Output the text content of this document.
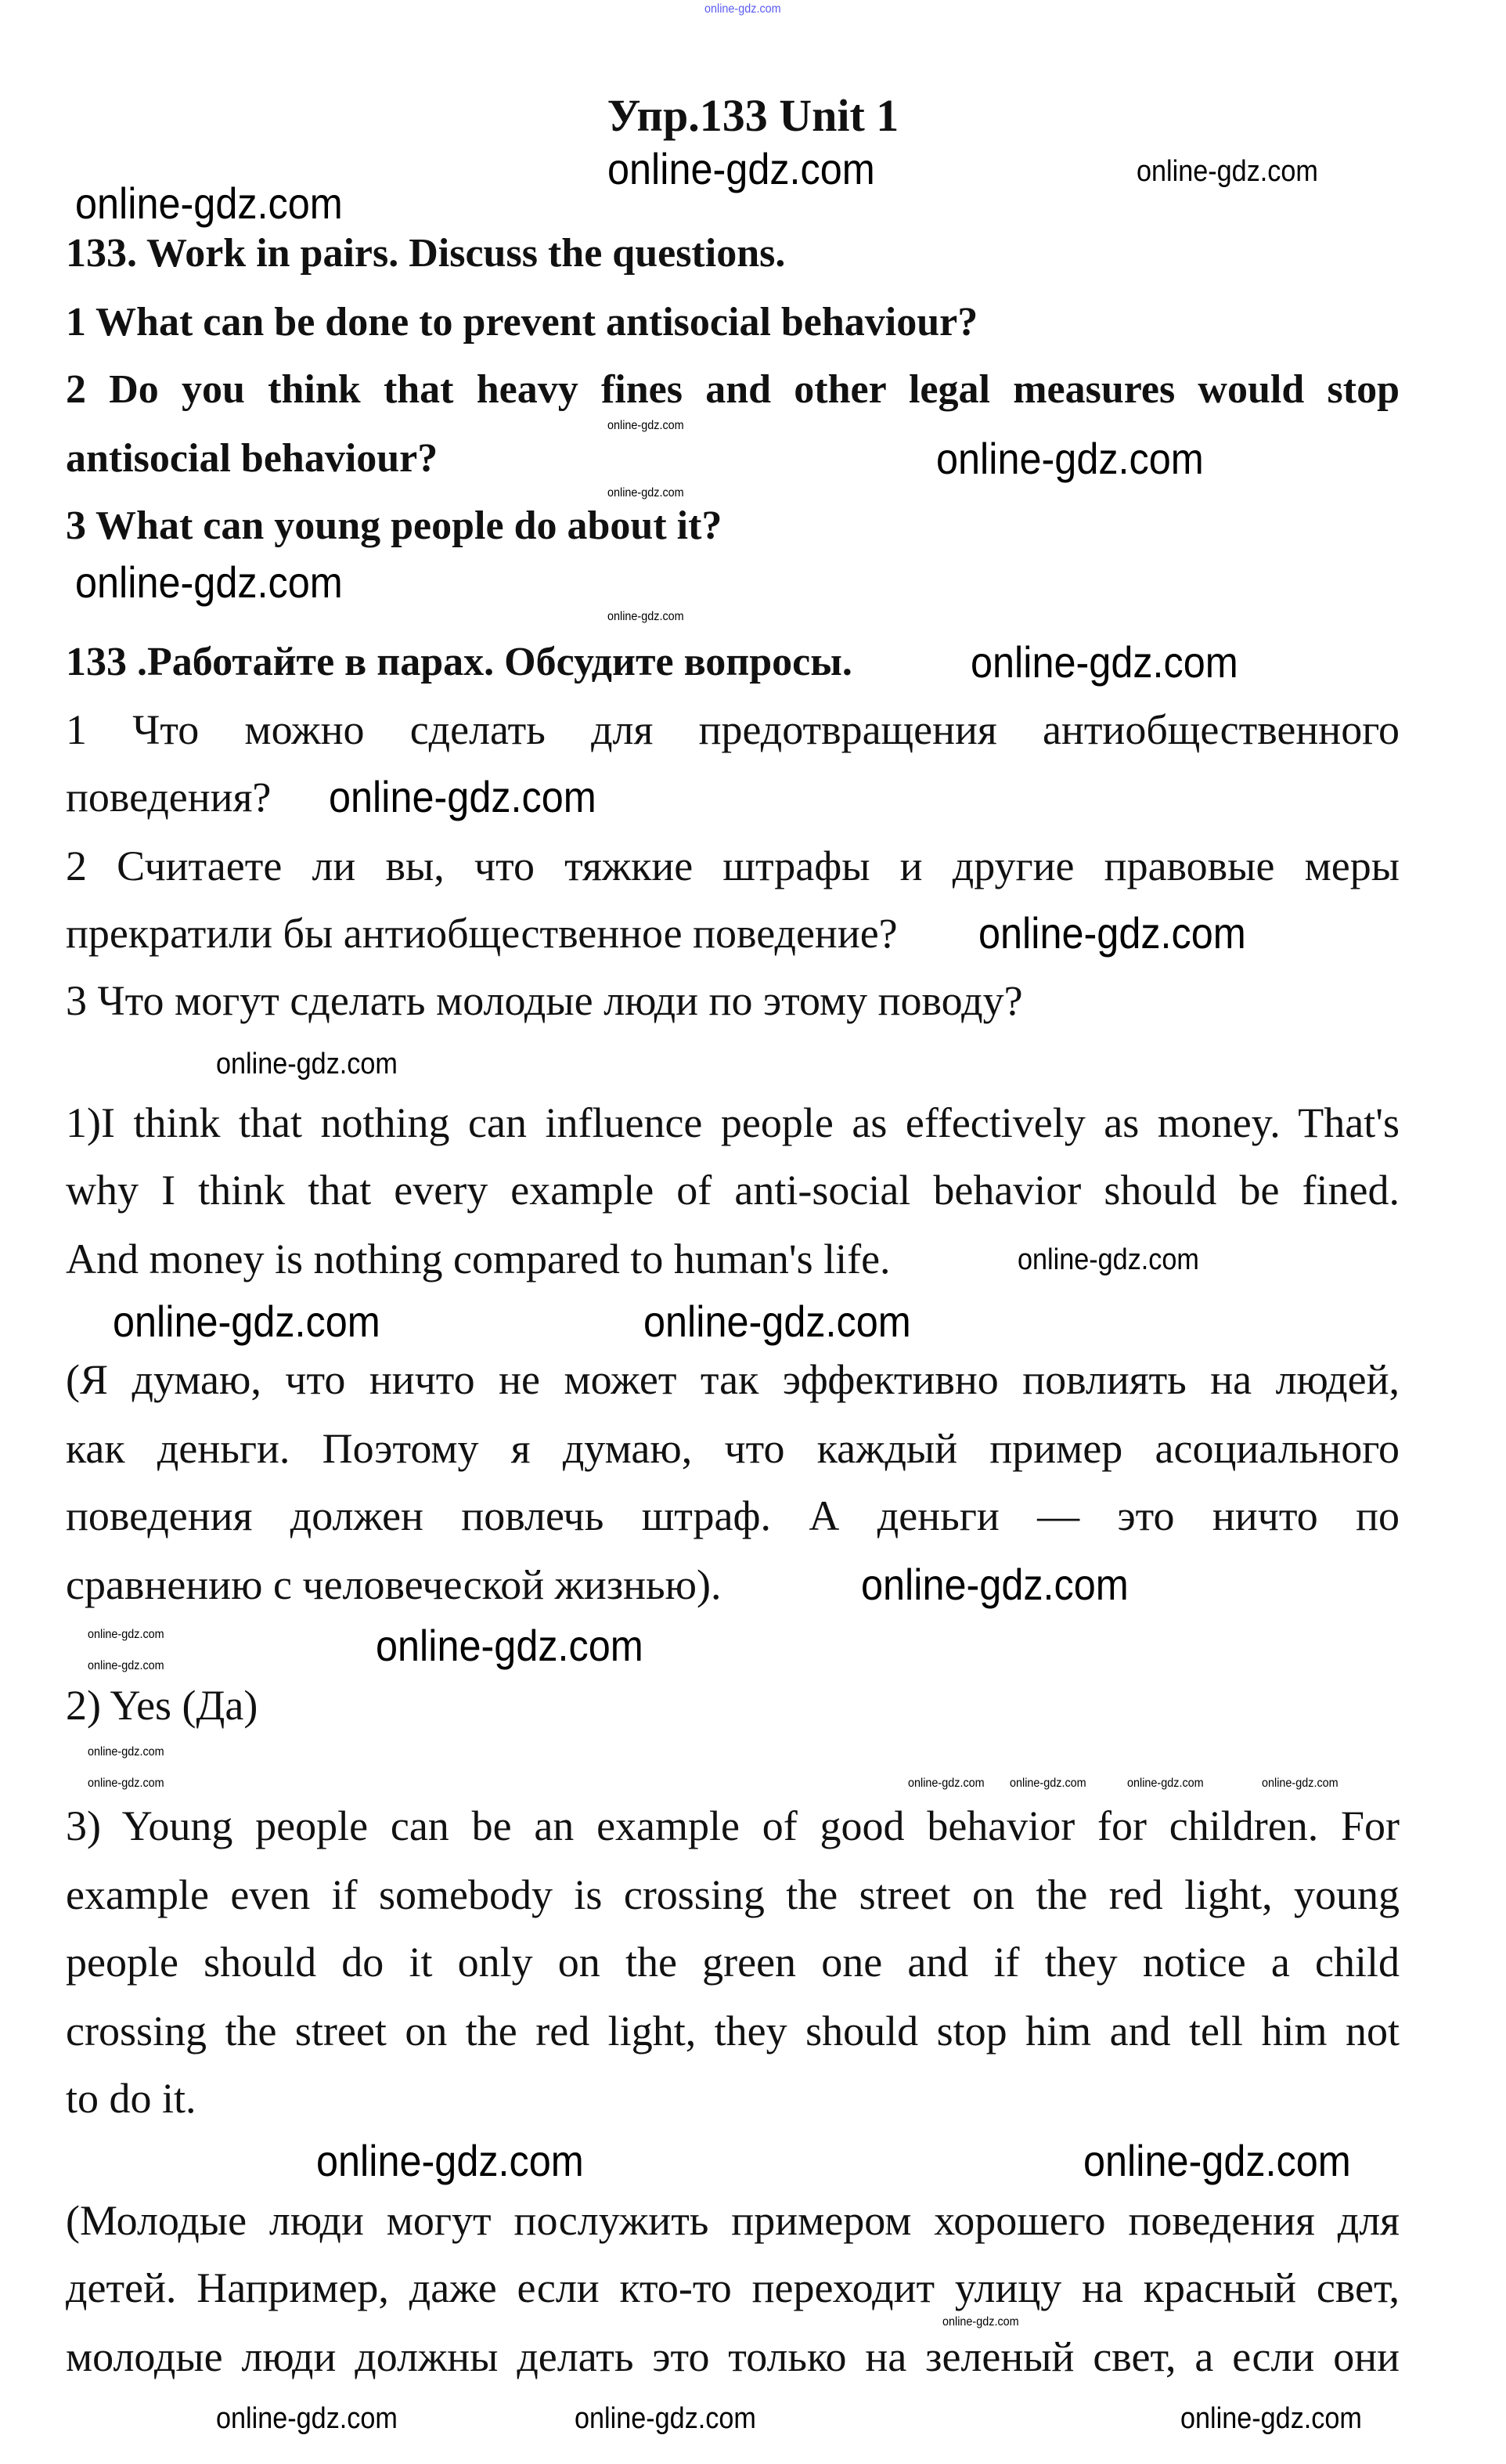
Упр.133 Unit 1
133. Work in pairs. Discuss the questions.
1 What can be done to prevent antisocial behaviour?
2 Do you think that heavy fines and other legal measures would stop
antisocial behaviour?
3 What can young people do about it?
133 .Работайте в парах. Обсудите вопросы.
1 Что можно сделать для предотвращения антиобщественного
поведения?
2 Считаете ли вы, что тяжкие штрафы и другие правовые меры
прекратили бы антиобщественное поведение?
3 Что могут сделать молодые люди по этому поводу?
1)I think that nothing can influence people as effectively as money. That's
why I think that every example of anti-social behavior should be fined.
And money is nothing compared to human's life.
(Я думаю, что ничто не может так эффективно повлиять на людей,
как деньги. Поэтому я думаю, что каждый пример асоциального
поведения должен повлечь штраф. А деньги — это ничто по
сравнению с человеческой жизнью).
2) Yes (Да)
3) Young people can be an example of good behavior for children. For
example even if somebody is crossing the street on the red light, young
people should do it only on the green one and if they notice a child
crossing the street on the red light, they should stop him and tell him not
to do it.
(Молодые люди могут послужить примером хорошего поведения для
детей. Например, даже если кто-то переходит улицу на красный свет,
молодые люди должны делать это только на зеленый свет, а если они
online-gdz.com
online-gdz.com	online-gdz.com
online-gdz.com
online-gdz.com
online-gdz.com
online-gdz.com
online-gdz.com
online-gdz.com
online-gdz.com
online-gdz.com
online-gdz.com
online-gdz.com
online-gdz.com
online-gdz.com
online-gdz.com
online-gdz.com
online-gdz.com
online-gdz.com
online-gdz.com
online-gdz.com
online-gdz.com	online-gdz.com online-gdz.com	online-gdz.com	online-gdz.com
online-gdz.com	online-gdz.com
online-gdz.com	online-gdz.com
online-gdz.com
online-gdz.com
